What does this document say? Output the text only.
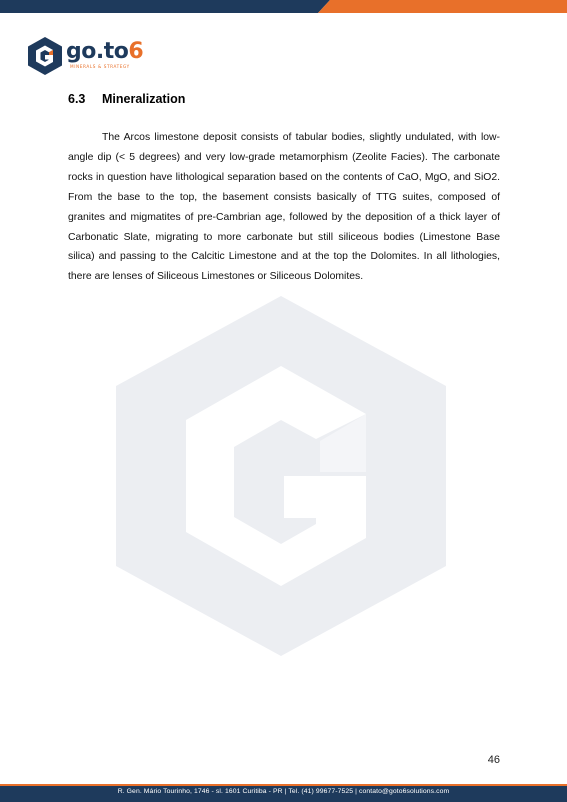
go.to6
MINERALS & STRATEGY
6.3 Mineralization

The Arcos limestone deposit consists of tabular bodies, slightly undulated, with low-angle dip (< 5 degrees) and very low-grade metamorphism (Zeolite Facies). The carbonate rocks in question have lithological separation based on the contents of CaO, MgO, and SiO2. From the base to the top, the basement consists basically of TTG suites, composed of granites and migmatites of pre-Cambrian age, followed by the deposition of a thick layer of Carbonatic Slate, migrating to more carbonate but still siliceous bodies (Limestone Base silica) and passing to the Calcitic Limestone and at the top the Dolomites. In all lithologies, there are lenses of Siliceous Limestones or Siliceous Dolomites.

46
R. Gen. Mário Tourinho, 1746 - sl. 1601 Curitiba - PR | Tel. (41) 99677-7525 | contato@goto6solutions.com
